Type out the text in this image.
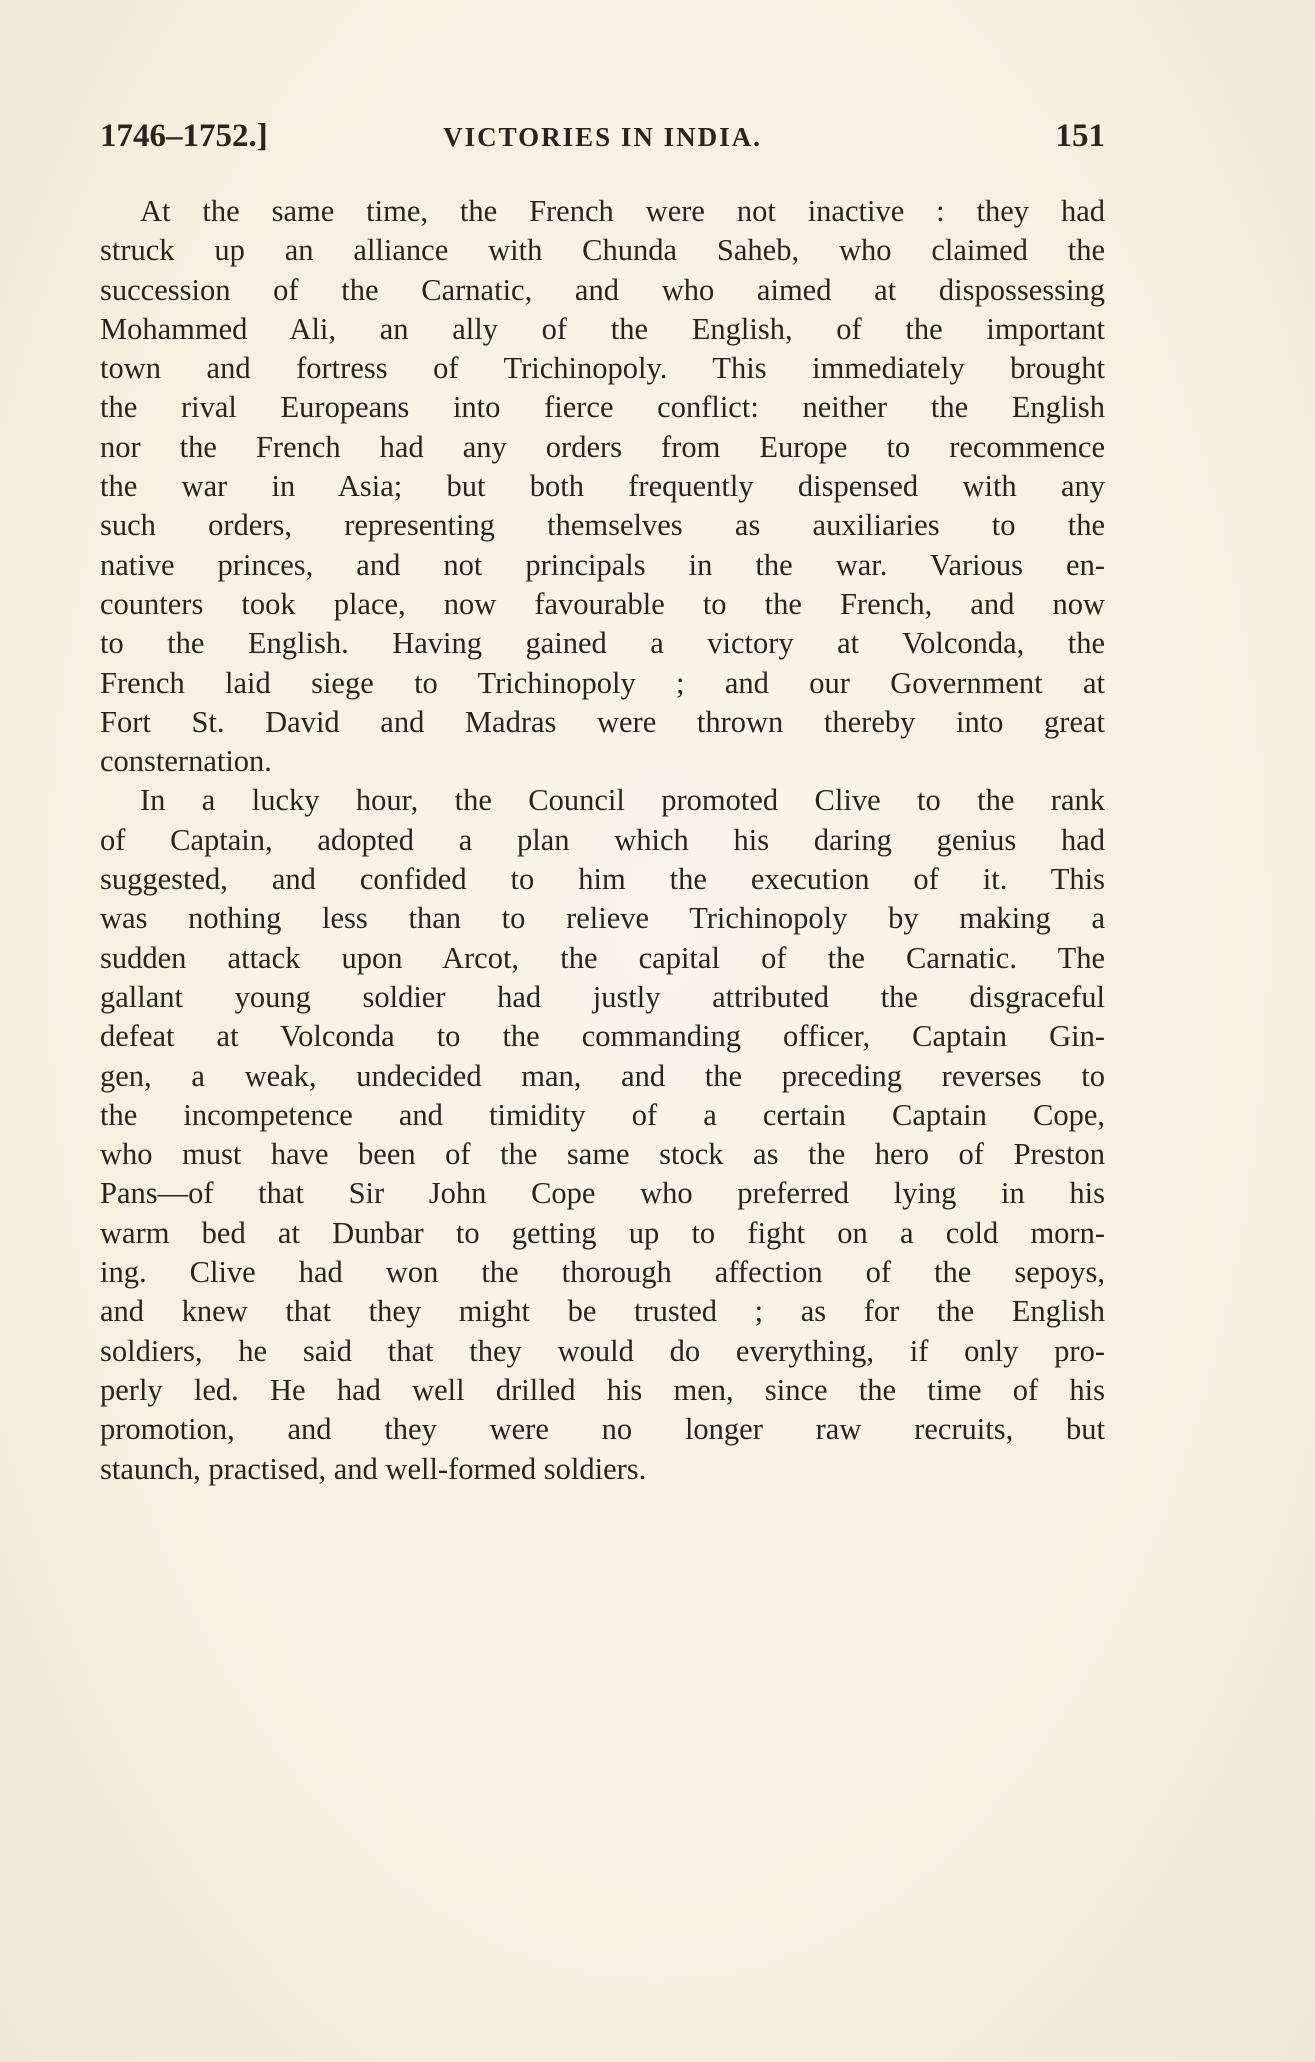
1746–1752.]	VICTORIES IN INDIA.	151
At the same time, the French were not inactive : they had
struck up an alliance with Chunda Saheb, who claimed the
succession of the Carnatic, and who aimed at dispossessing
Mohammed Ali, an ally of the English, of the important
town and fortress of Trichinopoly. This immediately brought
the rival Europeans into fierce conflict: neither the English
nor the French had any orders from Europe to recommence
the war in Asia; but both frequently dispensed with any
such orders, representing themselves as auxiliaries to the
native princes, and not principals in the war. Various en-
counters took place, now favourable to the French, and now
to the English. Having gained a victory at Volconda, the
French laid siege to Trichinopoly ; and our Government at
Fort St. David and Madras were thrown thereby into great
consternation.
In a lucky hour, the Council promoted Clive to the rank
of Captain, adopted a plan which his daring genius had
suggested, and confided to him the execution of it. This
was nothing less than to relieve Trichinopoly by making a
sudden attack upon Arcot, the capital of the Carnatic. The
gallant young soldier had justly attributed the disgraceful
defeat at Volconda to the commanding officer, Captain Gin-
gen, a weak, undecided man, and the preceding reverses to
the incompetence and timidity of a certain Captain Cope,
who must have been of the same stock as the hero of Preston
Pans—of that Sir John Cope who preferred lying in his
warm bed at Dunbar to getting up to fight on a cold morn-
ing. Clive had won the thorough affection of the sepoys,
and knew that they might be trusted ; as for the English
soldiers, he said that they would do everything, if only pro-
perly led. He had well drilled his men, since the time of his
promotion, and they were no longer raw recruits, but
staunch, practised, and well-formed soldiers.
